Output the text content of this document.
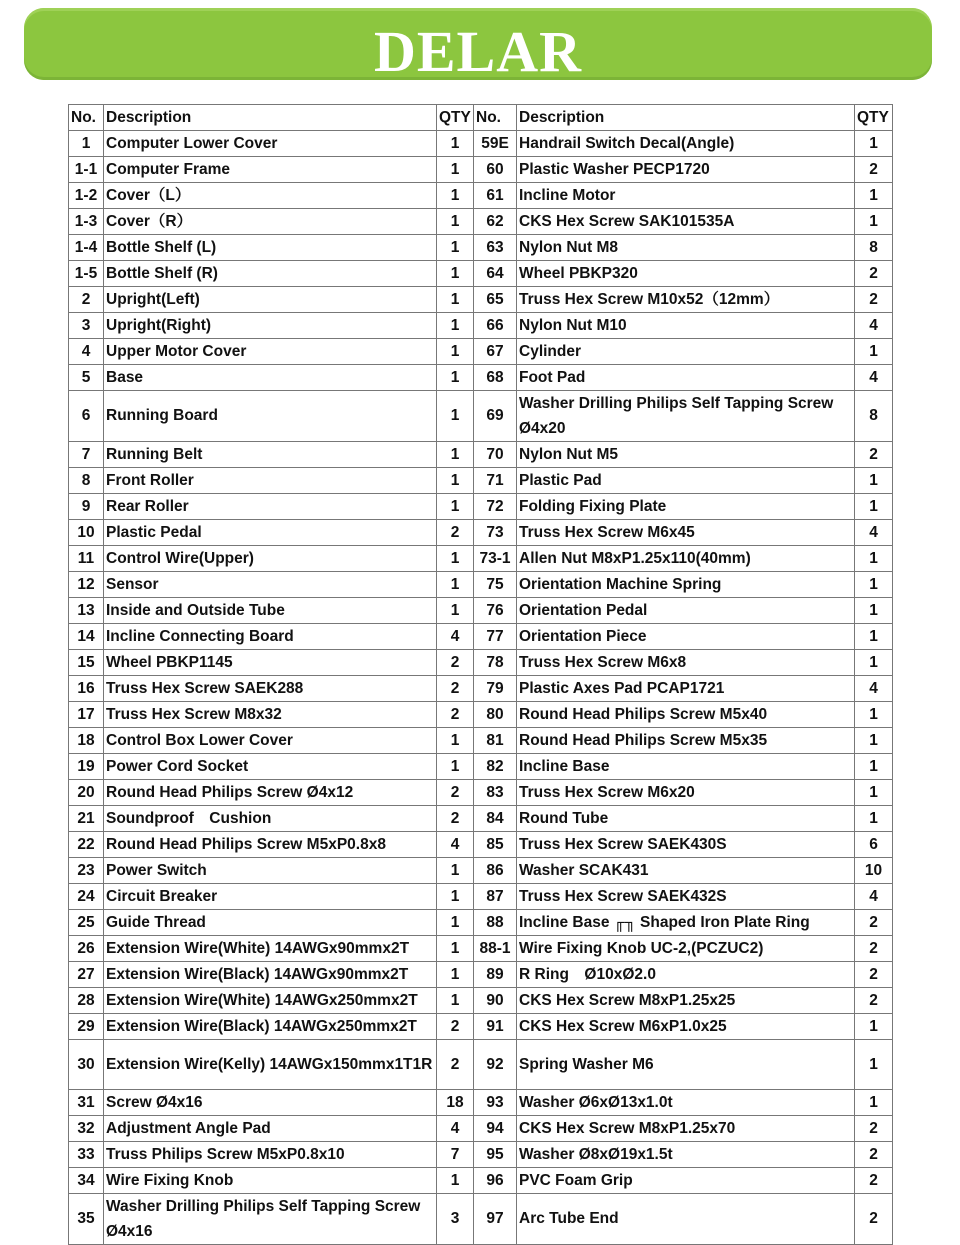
DELAR
No.	Description	QTY	No.	Description	QTY
1	Computer Lower Cover	1	59E	Handrail Switch Decal(Angle)	1
1-1	Computer Frame	1	60	Plastic Washer PECP1720	2
1-2	Cover（L）	1	61	Incline Motor	1
1-3	Cover（R）	1	62	CKS Hex Screw SAK101535A	1
1-4	Bottle Shelf (L)	1	63	Nylon Nut M8	8
1-5	Bottle Shelf (R)	1	64	Wheel PBKP320	2
2	Upright(Left)	1	65	Truss Hex Screw M10x52（12mm）	2
3	Upright(Right)	1	66	Nylon Nut M10	4
4	Upper Motor Cover	1	67	Cylinder	1
5	Base	1	68	Foot Pad	4
6	Running Board	1	69	Washer Drilling Philips Self Tapping Screw Ø4x20	8
7	Running Belt	1	70	Nylon Nut M5	2
8	Front Roller	1	71	Plastic Pad	1
9	Rear Roller	1	72	Folding Fixing Plate	1
10	Plastic Pedal	2	73	Truss Hex Screw M6x45	4
11	Control Wire(Upper)	1	73-1	Allen Nut M8xP1.25x110(40mm)	1
12	Sensor	1	75	Orientation Machine Spring	1
13	Inside and Outside Tube	1	76	Orientation Pedal	1
14	Incline Connecting Board	4	77	Orientation Piece	1
15	Wheel PBKP1145	2	78	Truss Hex Screw M6x8	1
16	Truss Hex Screw SAEK288	2	79	Plastic Axes Pad PCAP1721	4
17	Truss Hex Screw M8x32	2	80	Round Head Philips Screw M5x40	1
18	Control Box Lower Cover	1	81	Round Head Philips Screw M5x35	1
19	Power Cord Socket	1	82	Incline Base	1
20	Round Head Philips Screw Ø4x12	2	83	Truss Hex Screw M6x20	1
21	Soundproof　Cushion	2	84	Round Tube	1
22	Round Head Philips Screw M5xP0.8x8	4	85	Truss Hex Screw SAEK430S	6
23	Power Switch	1	86	Washer SCAK431	10
24	Circuit Breaker	1	87	Truss Hex Screw SAEK432S	4
25	Guide Thread	1	88	Incline Base ╓╖ Shaped Iron Plate Ring	2
26	Extension Wire(White) 14AWGx90mmx2T	1	88-1	Wire Fixing Knob UC-2,(PCZUC2)	2
27	Extension Wire(Black) 14AWGx90mmx2T	1	89	R Ring　Ø10xØ2.0	2
28	Extension Wire(White) 14AWGx250mmx2T	1	90	CKS Hex Screw M8xP1.25x25	2
29	Extension Wire(Black) 14AWGx250mmx2T	2	91	CKS Hex Screw M6xP1.0x25	1
30	Extension Wire(Kelly) 14AWGx150mmx1T1R	2	92	Spring Washer M6	1
31	Screw Ø4x16	18	93	Washer Ø6xØ13x1.0t	1
32	Adjustment Angle Pad	4	94	CKS Hex Screw M8xP1.25x70	2
33	Truss Philips Screw M5xP0.8x10	7	95	Washer Ø8xØ19x1.5t	2
34	Wire Fixing Knob	1	96	PVC Foam Grip	2
35	Washer Drilling Philips Self Tapping Screw Ø4x16	3	97	Arc Tube End	2
